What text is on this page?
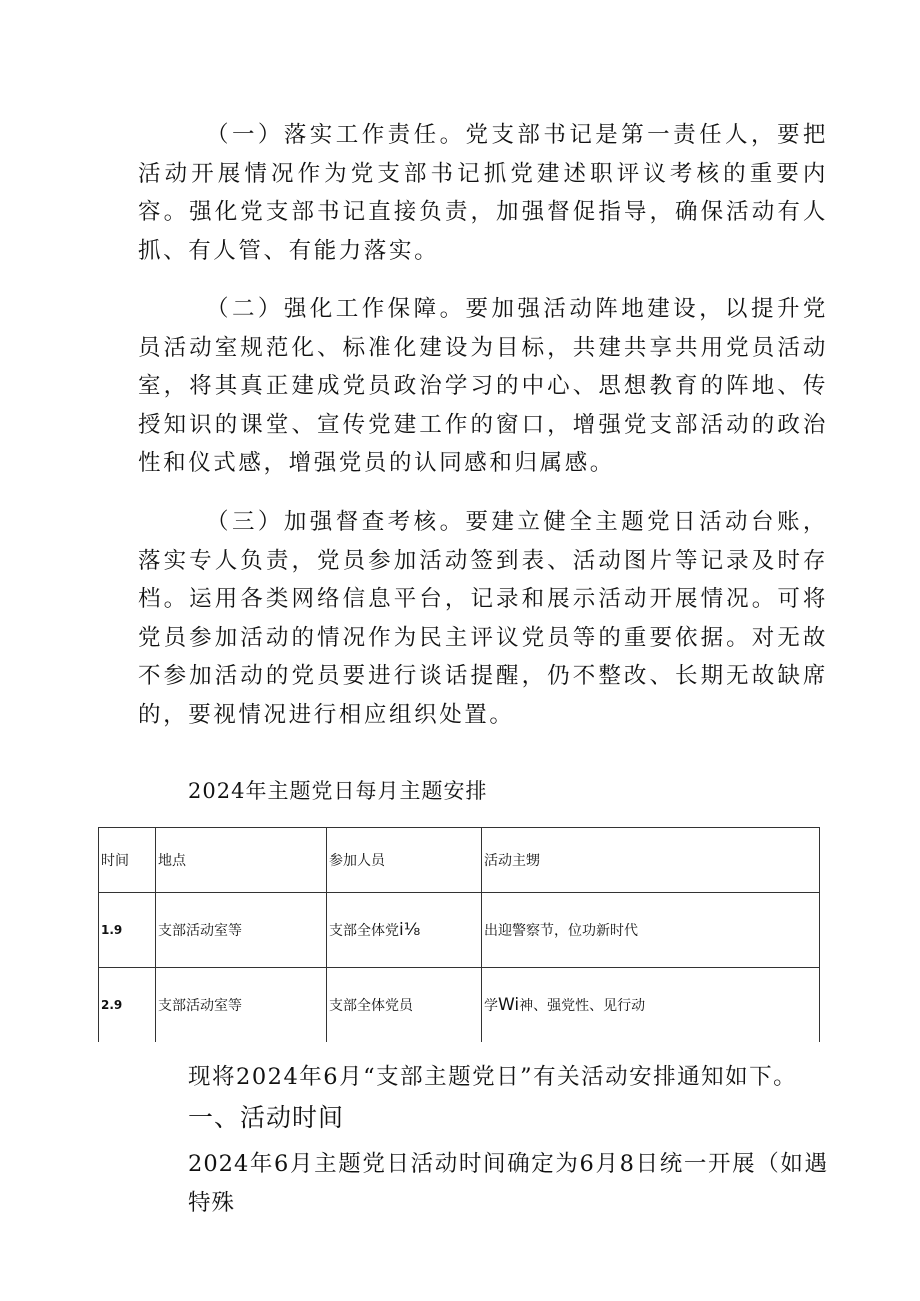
（一）落实工作责任。党支部书记是第一责任人，要把活动开展情况作为党支部书记抓党建述职评议考核的重要内容。强化党支部书记直接负责，加强督促指导，确保活动有人抓、有人管、有能力落实。

（二）强化工作保障。要加强活动阵地建设，以提升党员活动室规范化、标准化建设为目标，共建共享共用党员活动室，将其真正建成党员政治学习的中心、思想教育的阵地、传授知识的课堂、宣传党建工作的窗口，增强党支部活动的政治性和仪式感，增强党员的认同感和归属感。

（三）加强督查考核。要建立健全主题党日活动台账，落实专人负责，党员参加活动签到表、活动图片等记录及时存档。运用各类网络信息平台，记录和展示活动开展情况。可将党员参加活动的情况作为民主评议党员等的重要依据。对无故不参加活动的党员要进行谈话提醒，仍不整改、长期无故缺席的，要视情况进行相应组织处置。

2024年主题党日每月主题安排

时间	地点	参加人员	活动主甥
1.9	支部活动室等	支部全体党i⅛	出迎警察节，位功新时代
2.9	支部活动室等	支部全体党员	学Wi神、强党性、见行动

现将2024年6月“支部主题党日”有关活动安排通知如下。

一、活动时间

2024年6月主题党日活动时间确定为6月8日统一开展（如遇特殊
